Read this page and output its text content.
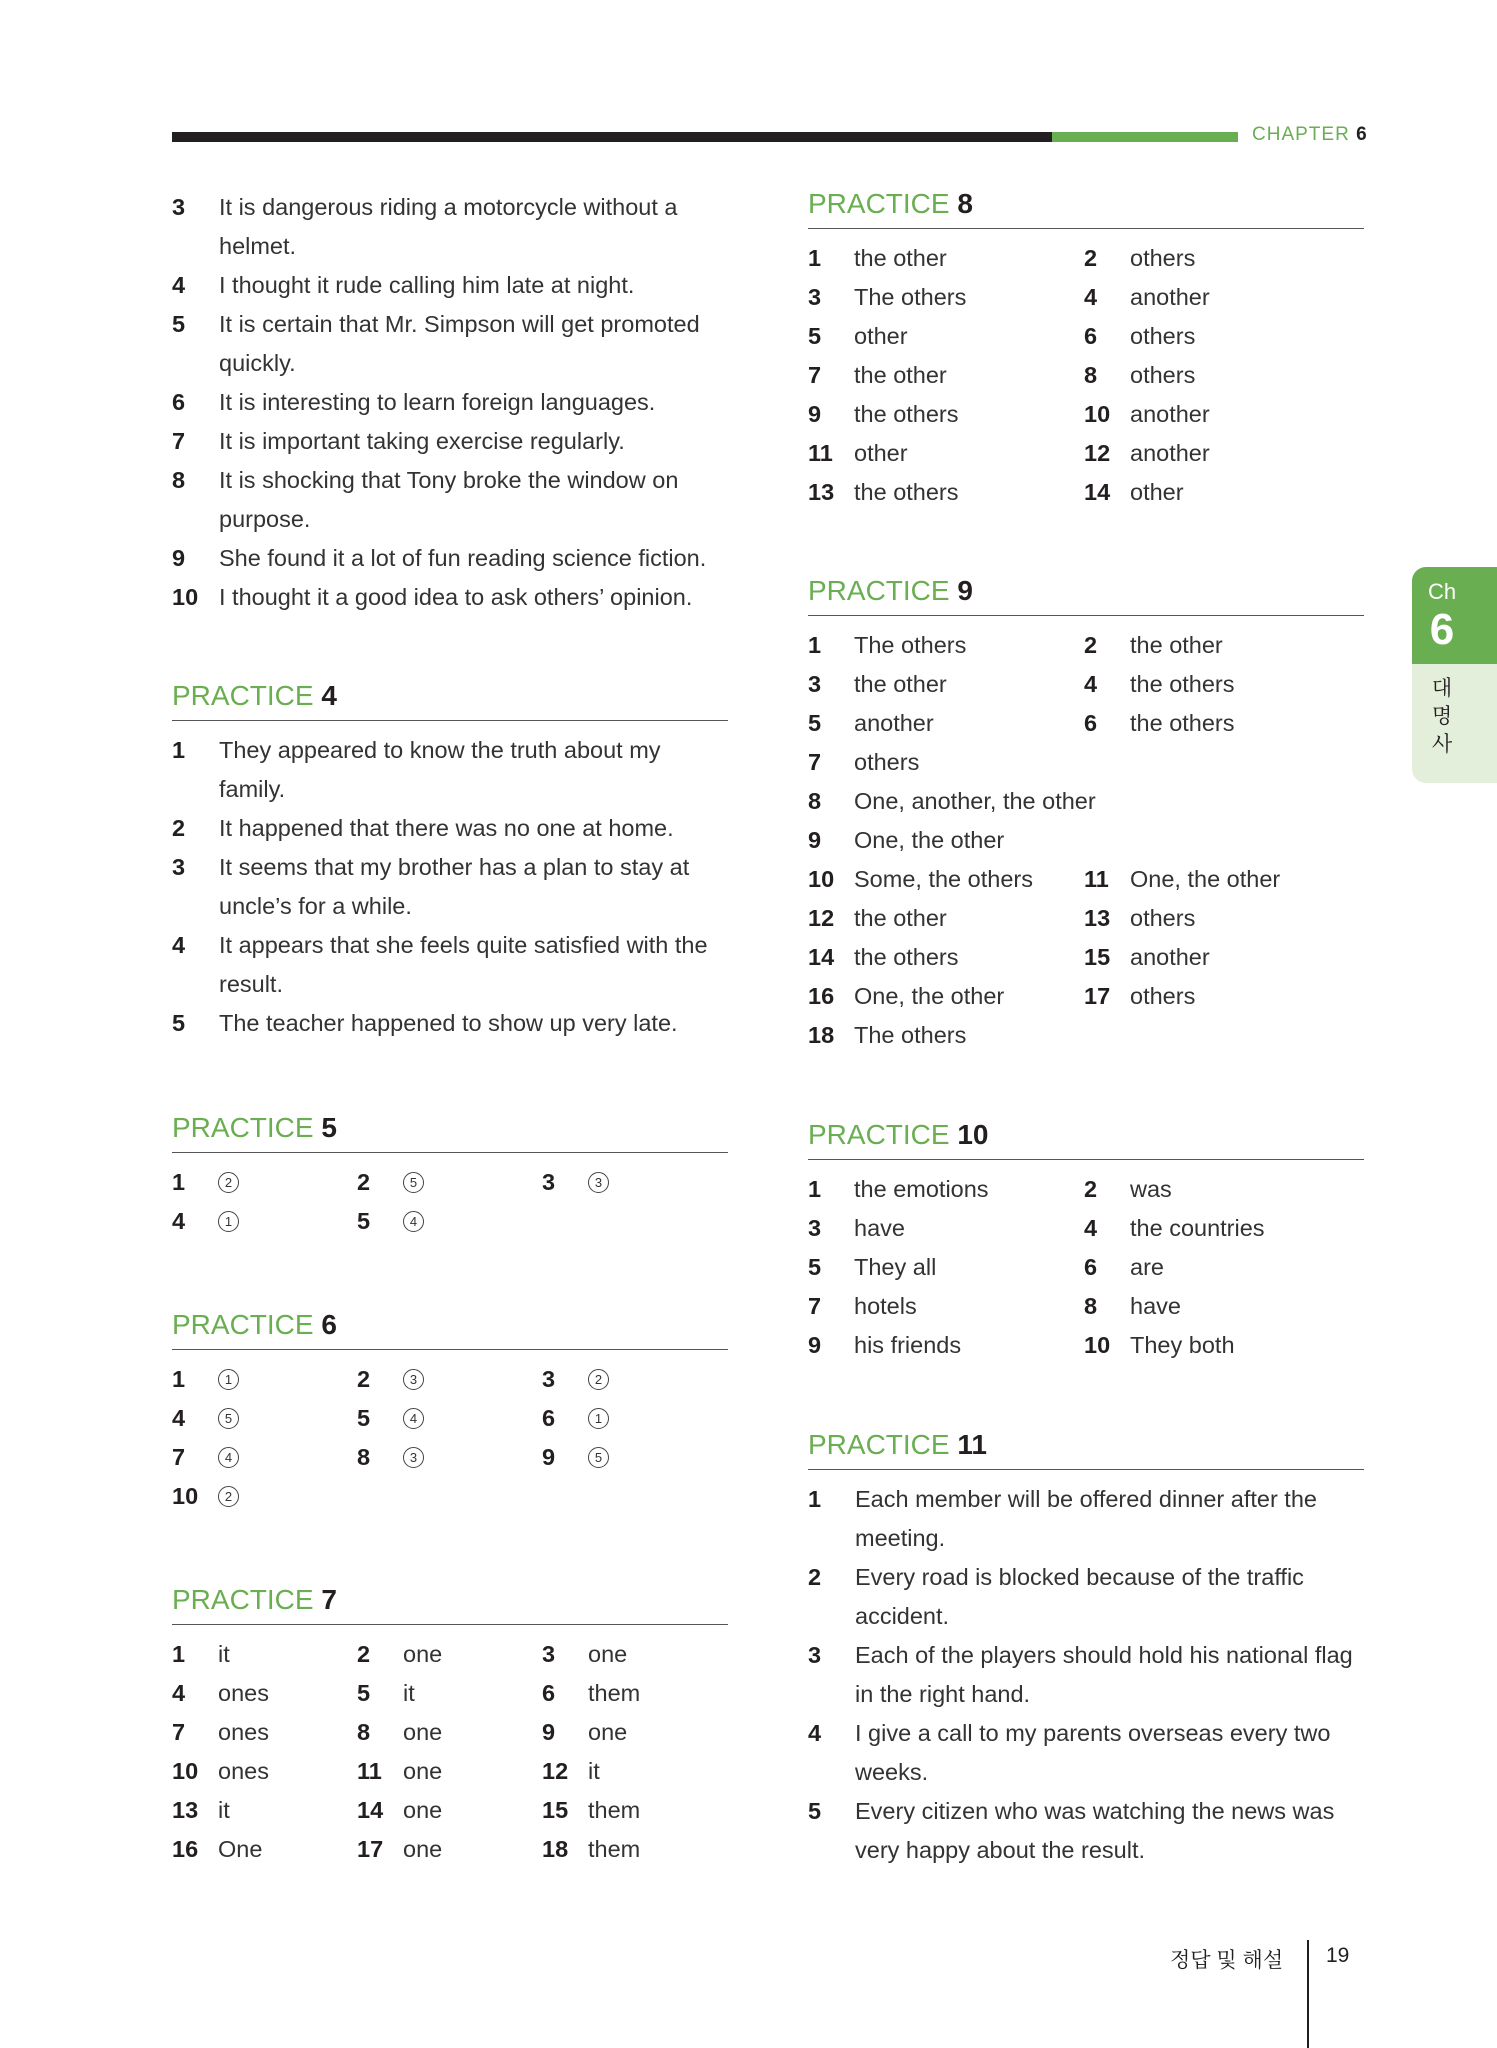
CHAPTER 6
3 It is dangerous riding a motorcycle without a helmet.
4 I thought it rude calling him late at night.
5 It is certain that Mr. Simpson will get promoted quickly.
6 It is interesting to learn foreign languages.
7 It is important taking exercise regularly.
8 It is shocking that Tony broke the window on purpose.
9 She found it a lot of fun reading science fiction.
10 I thought it a good idea to ask others’ opinion.
PRACTICE 4
1 They appeared to know the truth about my family.
2 It happened that there was no one at home.
3 It seems that my brother has a plan to stay at uncle’s for a while.
4 It appears that she feels quite satisfied with the result.
5 The teacher happened to show up very late.
PRACTICE 5
1	2	2	5	3	3
4	1	5	4
PRACTICE 6
1	1	2	3	3	2
4	5	5	4	6	1
7	4	8	3	9	5
10 2
PRACTICE 7
1 it	2 one	3 one
4 ones	5 it	6 them
7 ones	8 one	9 one
10 ones	11 one	12 it
13 it	14 one	15 them
16 One	17 one	18 them
PRACTICE 8
1 the other	2 others
3 The others	4 another
5 other	6 others
7 the other	8 others
9 the others	10 another
11 other	12 another
13 the others	14 other
PRACTICE 9
1 The others	2 the other
3 the other	4 the others
5 another	6 the others
7 others
8 One, another, the other
9 One, the other
10 Some, the others	11 One, the other
12 the other	13 others
14 the others	15 another
16 One, the other	17 others
18 The others
PRACTICE 10
1 the emotions	2 was
3 have	4 the countries
5 They all	6 are
7 hotels	8 have
9 his friends	10 They both
PRACTICE 11
1 Each member will be offered dinner after the meeting.
2 Every road is blocked because of the traffic accident.
3 Each of the players should hold his national flag in the right hand.
4 I give a call to my parents overseas every two weeks.
5 Every citizen who was watching the news was very happy about the result.
Ch
6
대
명
사
정답 및 해설 19
